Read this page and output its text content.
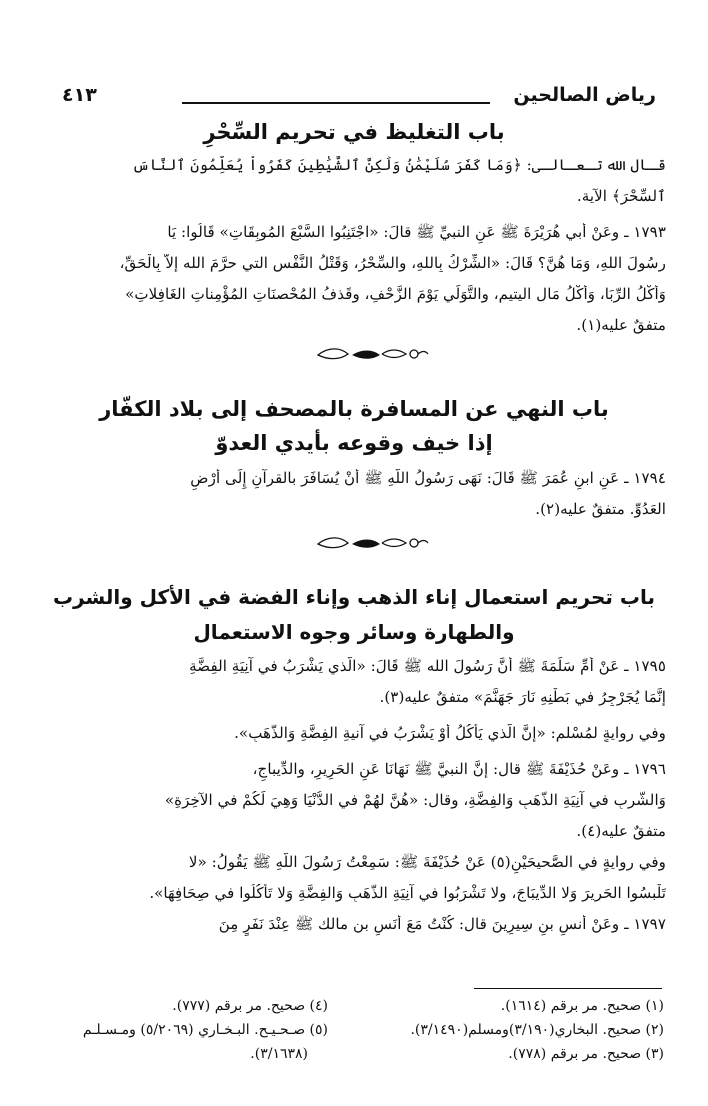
رياض الصالحين
٤١٣
باب التغليظ في تحريم السِّحْرِ
قـال الله تـعـالـى: ﴿وَمَا كَفَرَ سُلَيْمَٰنُ وَلَٰكِنَّ ٱلشَّيَٰطِينَ كَفَرُواْ يُعَلِّمُونَ ٱلنَّاسَ
ٱلسِّحْرَ﴾ الآية.
١٧٩٣ ـ وعَنْ أبي هُرَيْرَةَ ﷺ عَنِ النبيِّ ﷺ قالَ: «اجْتَنِبُوا السَّبْعَ المُوبِقَاتِ» قَالُوا: يَا
رسُولَ اللهِ، وَمَا هُنَّ؟ قَالَ: «الشِّرْكُ بِاللهِ، والسِّحْرُ، وَقَتْلُ النَّفْسِ التي حرَّمَ الله إلاَّ بِالْحَقِّ،
وَأَكْلُ الرِّبَا، وَأَكْلُ مَالِ اليتيمِ، والتَّوَلِّي يَوْمَ الزَّحْفِ، وقَذفُ المُحْصنَاتِ المُؤْمِناتِ الغَافِلاتِ»
متفقٌ عليه(١).
باب النهي عن المسافرة بالمصحف إلى بلاد الكفّار
إذا خيف وقوعه بأيدي العدوّ
١٧٩٤ ـ عَنِ ابنِ عُمَرَ ﷺ قَالَ: نَهَى رَسُولُ اللَّهِ ﷺ أَنْ يُسَافَرَ بالقرآنِ إِلَى أَرْضِ
العَدُوِّ. متفقٌ عليه(٢).
باب تحريم استعمال إناء الذهب وإناء الفضة في الأكل والشرب
والطهارة وسائر وجوه الاستعمال
١٧٩٥ ـ عَنْ أُمِّ سَلَمَةَ ﷺ أَنَّ رَسُولَ الله ﷺ قَالَ: «الَّذي يَشْرَبُ في آنِيَةِ الفِضَّةِ
إِنَّمَا يُجَرْجِرُ في بَطْنِهِ نَارَ جَهَنَّمَ» متفقٌ عليه(٣).
وفي روايةٍ لمُسْلم: «إنَّ الَّذي يَأْكُلُ أوْ يَشْرَبُ في آنيةِ الفِضَّةِ وَالذَّهَبِ».
١٧٩٦ ـ وعَنْ حُذَيْفَةَ ﷺ قال: إنَّ النبيَّ ﷺ نَهَانَا عَنِ الحَرِيرِ، والدِّيباجِ،
وَالشُّربِ في آنِيَةِ الذَّهَبِ وَالفِضَّةِ، وقال: «هُنَّ لهُمْ في الدُّنْيَا وَهِيَ لَكُمْ في الآخِرَةِ»
متفقٌ عليه(٤).
وفي روايةٍ في الصَّحيحَيْنِ(٥) عَنْ حُذَيْفَةَ ﷺ: سَمِعْتُ رَسُولَ اللَّهِ ﷺ يَقُولُ: «لا
تَلْبسُوا الحَرِيرَ وَلا الدِّيبَاجَ، ولا تَشْرَبُوا في آنِيَةِ الذَّهَبِ وَالفِضَّةِ وَلا تَأْكُلُوا في صِحَافِهَا».
١٧٩٧ ـ وعَنْ أنسِ بنِ سِيرِينَ قال: كُنْتُ مَعَ أَنَسِ بن مالك ﷺ عِنْدَ نَفَرٍ مِنَ
(١) صحيح. مر برقم (١٦١٤).
(٢) صحيح. البخاري(٣/١٩٠)ومسلم(٣/١٤٩٠).
(٣) صحيح. مر برقم (٧٧٨).
(٤) صحيح. مر برقم (٧٧٧).
(٥) صـحـيـح. البـخـاري (٥/٢٠٦٩) ومـسـلـم
(٣/١٦٣٨).
